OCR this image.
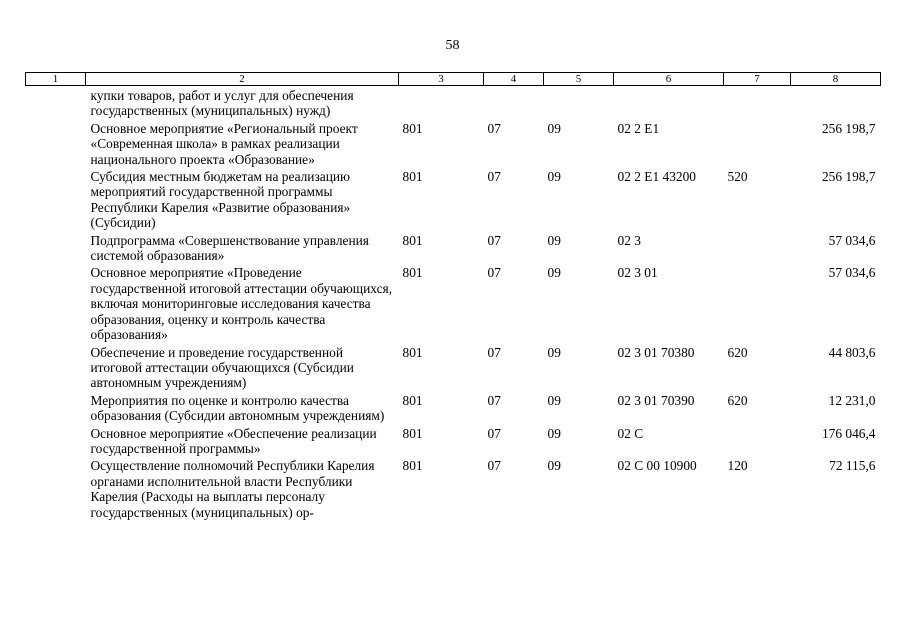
58
1	2	3	4	5	6	7	8
	купки товаров, работ и услуг для обеспечения государственных (муниципальных) нужд)						
	Основное мероприятие «Региональный проект «Современная школа» в рамках реализации национального проекта «Образование»	801	07	09	02 2 E1		256 198,7
	Субсидия местным бюджетам на реализацию мероприятий государственной программы Республики Карелия «Развитие образования» (Субсидии)	801	07	09	02 2 E1 43200	520	256 198,7
	Подпрограмма «Совершенствование управления системой образования»	801	07	09	02 3		57 034,6
	Основное мероприятие «Проведение государственной итоговой аттестации обучающихся, включая мониторинговые исследования качества образования, оценку и контроль качества образования»	801	07	09	02 3 01		57 034,6
	Обеспечение и проведение государственной итоговой аттестации обучающихся (Субсидии автономным учреждениям)	801	07	09	02 3 01 70380	620	44 803,6
	Мероприятия по оценке и контролю качества образования (Субсидии автономным учреждениям)	801	07	09	02 3 01 70390	620	12 231,0
	Основное мероприятие «Обеспечение реализации государственной программы»	801	07	09	02 С		176 046,4
	Осуществление полномочий Республики Карелия органами исполнительной власти Республики Карелия (Расходы на выплаты персоналу государственных (муниципальных) ор-	801	07	09	02 С 00 10900	120	72 115,6
